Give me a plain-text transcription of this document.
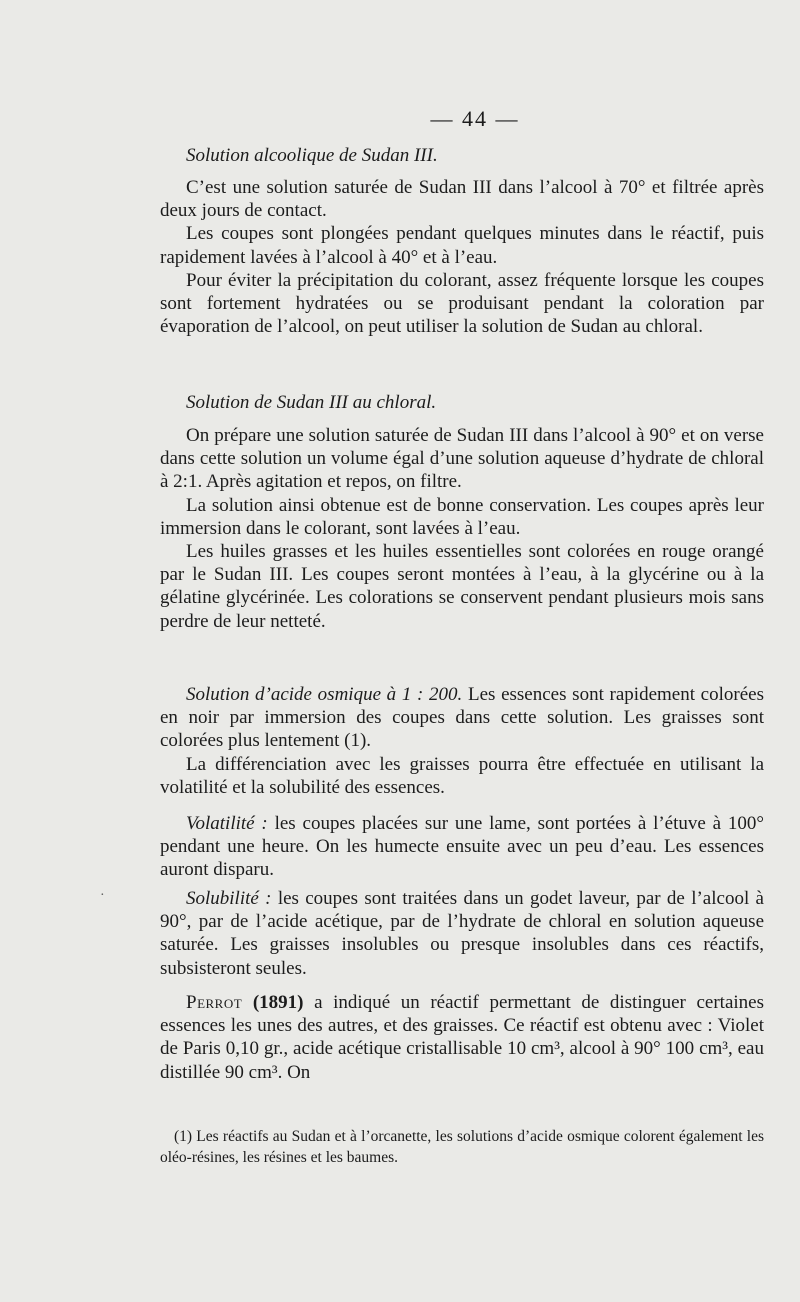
— 44 —
Solution alcoolique de Sudan III.

C’est une solution saturée de Sudan III dans l’alcool à 70° et filtrée après deux jours de contact.

Les coupes sont plongées pendant quelques minutes dans le réactif, puis rapidement lavées à l’alcool à 40° et à l’eau.

Pour éviter la précipitation du colorant, assez fréquente lorsque les coupes sont fortement hydratées ou se produisant pendant la coloration par évaporation de l’alcool, on peut utiliser la solution de Sudan au chloral.

Solution de Sudan III au chloral.

On prépare une solution saturée de Sudan III dans l’alcool à 90° et on verse dans cette solution un volume égal d’une solution aqueuse d’hydrate de chloral à 2:1. Après agitation et repos, on filtre.

La solution ainsi obtenue est de bonne conservation. Les coupes après leur immersion dans le colorant, sont lavées à l’eau.

Les huiles grasses et les huiles essentielles sont colorées en rouge orangé par le Sudan III. Les coupes seront montées à l’eau, à la glycérine ou à la gélatine glycérinée. Les colorations se conservent pendant plusieurs mois sans perdre de leur netteté.

Solution d’acide osmique à 1 : 200. Les essences sont rapidement colorées en noir par immersion des coupes dans cette solution. Les graisses sont colorées plus lentement (1).

La différenciation avec les graisses pourra être effectuée en utilisant la volatilité et la solubilité des essences.

Volatilité : les coupes placées sur une lame, sont portées à l’étuve à 100° pendant une heure. On les humecte ensuite avec un peu d’eau. Les essences auront disparu.

Solubilité : les coupes sont traitées dans un godet laveur, par de l’alcool à 90°, par de l’acide acétique, par de l’hydrate de chloral en solution aqueuse saturée. Les graisses insolubles ou presque insolubles dans ces réactifs, subsisteront seules.

Perrot (1891) a indiqué un réactif permettant de distinguer certaines essences les unes des autres, et des graisses. Ce réactif est obtenu avec : Violet de Paris 0,10 gr., acide acétique cristallisable 10 cm³, alcool à 90° 100 cm³, eau distillée 90 cm³. On

(1) Les réactifs au Sudan et à l’orcanette, les solutions d’acide osmique colorent également les oléo-résines, les résines et les baumes.

·
